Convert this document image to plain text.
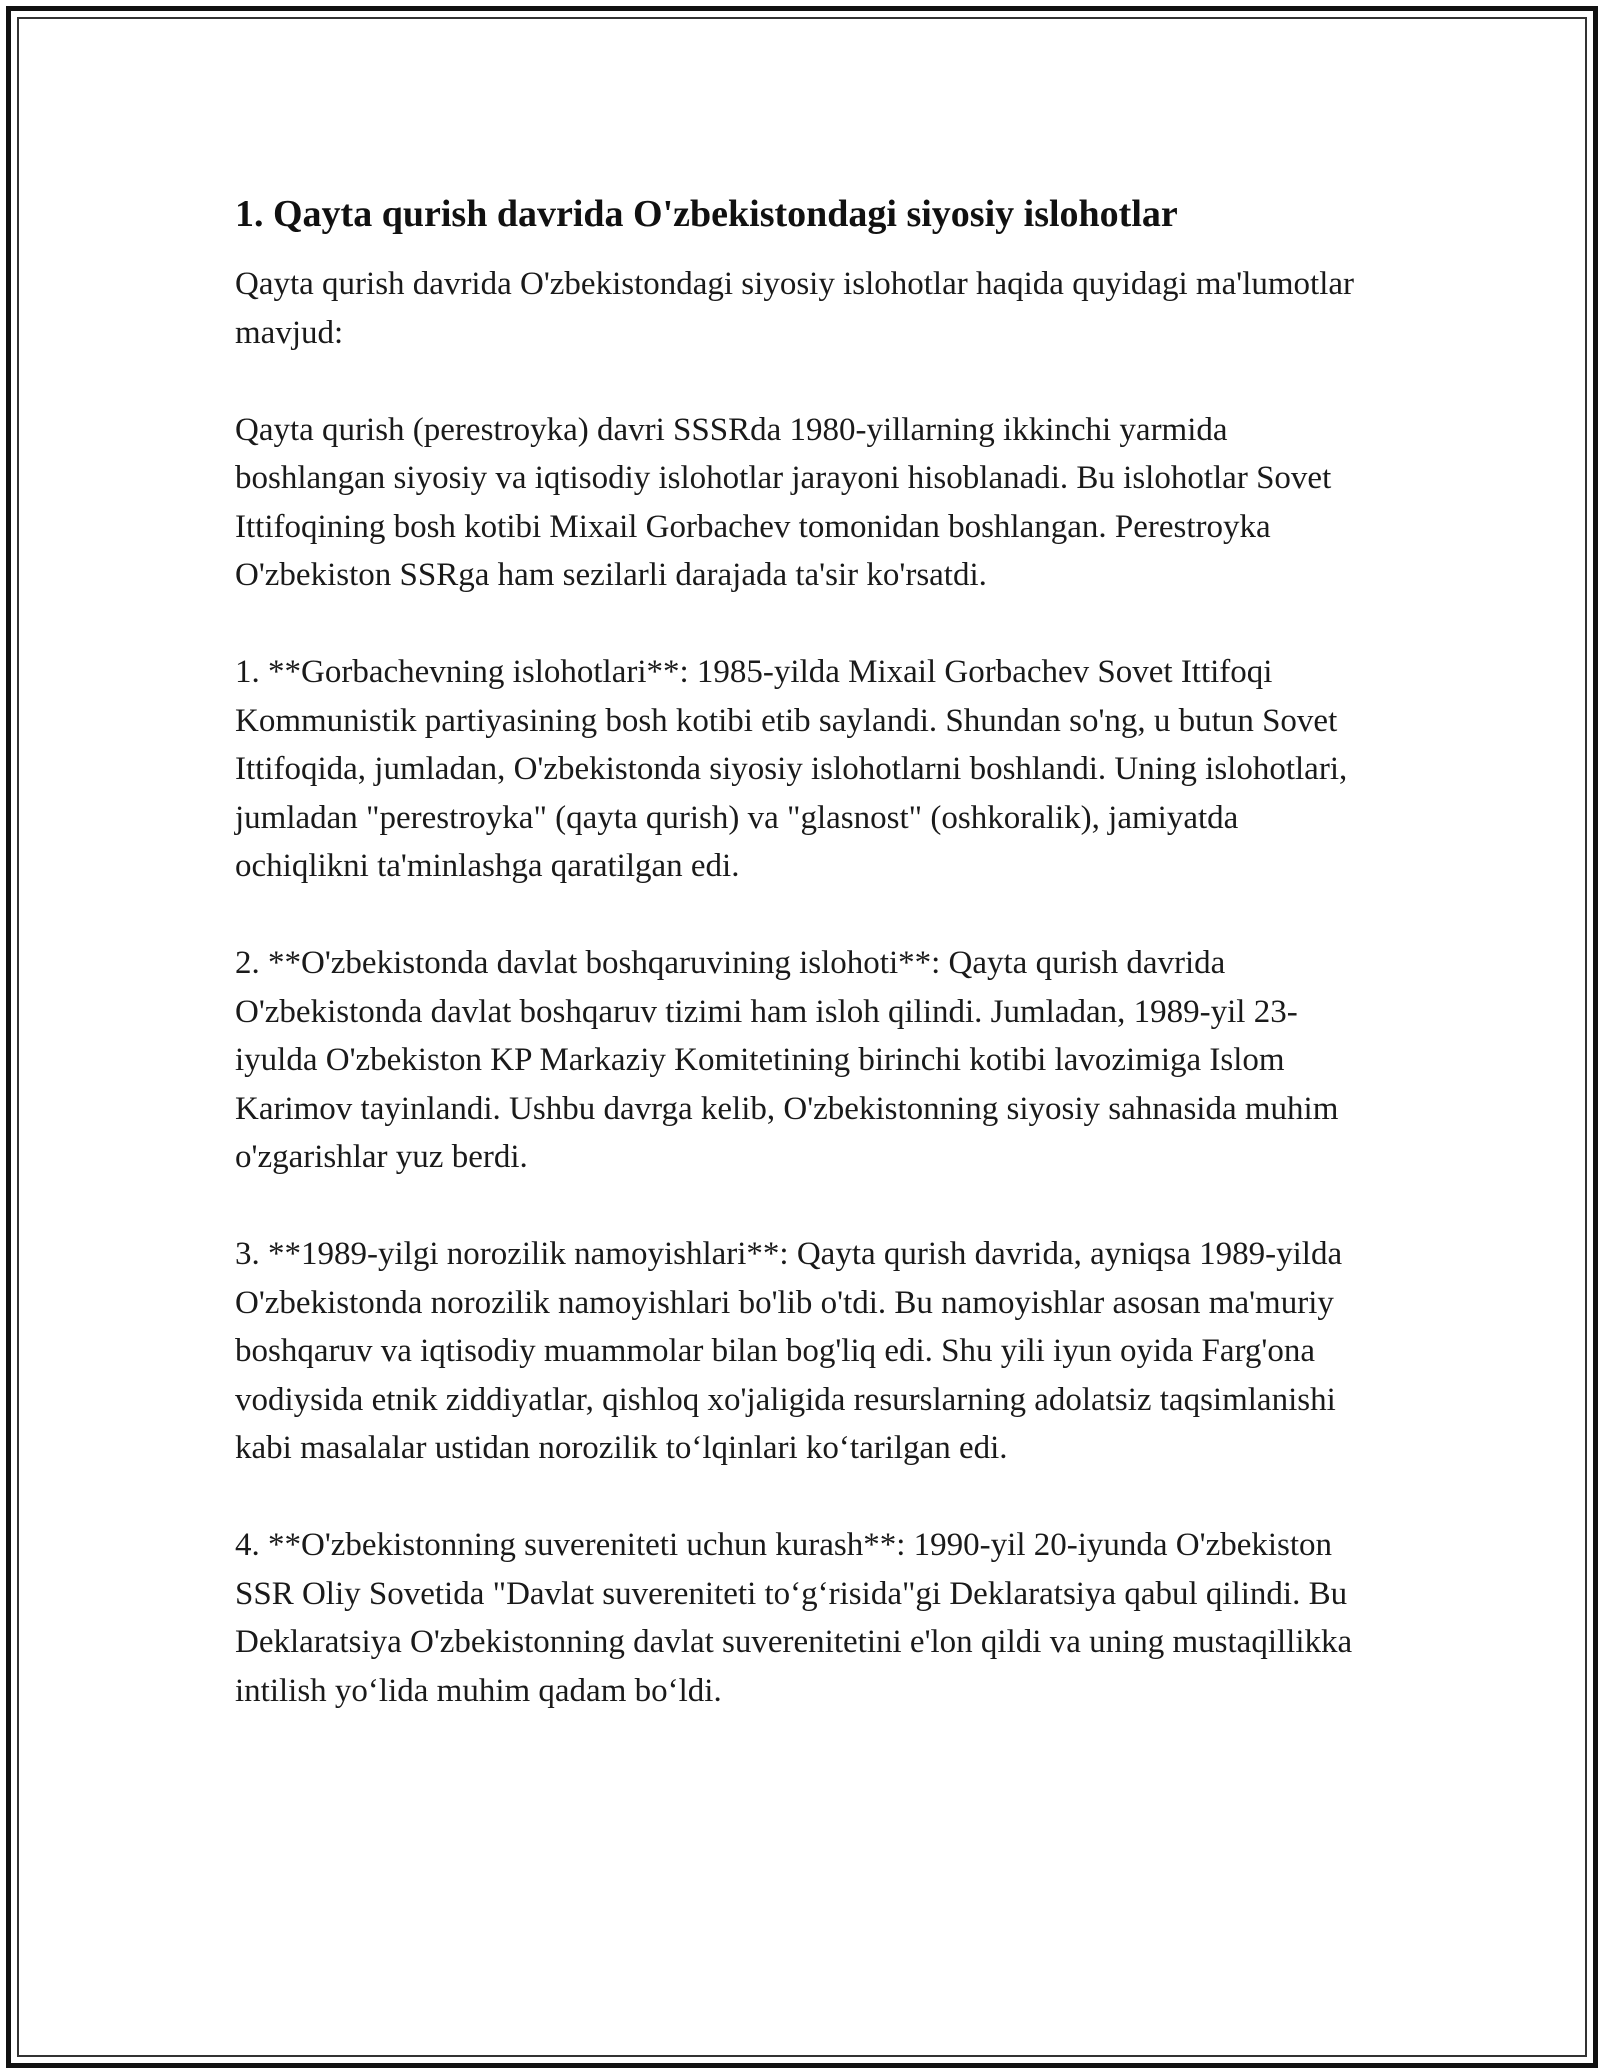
1. Qayta qurish davrida O'zbekistondagi siyosiy islohotlar

Qayta qurish davrida O'zbekistondagi siyosiy islohotlar haqida quyidagi ma'lumotlar mavjud:

Qayta qurish (perestroyka) davri SSSRda 1980-yillarning ikkinchi yarmida boshlangan siyosiy va iqtisodiy islohotlar jarayoni hisoblanadi. Bu islohotlar Sovet Ittifoqining bosh kotibi Mixail Gorbachev tomonidan boshlangan. Perestroyka O'zbekiston SSRga ham sezilarli darajada ta'sir ko'rsatdi.

1. **Gorbachevning islohotlari**: 1985-yilda Mixail Gorbachev Sovet Ittifoqi Kommunistik partiyasining bosh kotibi etib saylandi. Shundan so'ng, u butun Sovet Ittifoqida, jumladan, O'zbekistonda siyosiy islohotlarni boshlandi. Uning islohotlari, jumladan "perestroyka" (qayta qurish) va "glasnost" (oshkoralik), jamiyatda ochiqlikni ta'minlashga qaratilgan edi.

2. **O'zbekistonda davlat boshqaruvining islohoti**: Qayta qurish davrida O'zbekistonda davlat boshqaruv tizimi ham isloh qilindi. Jumladan, 1989-yil 23-iyulda O'zbekiston KP Markaziy Komitetining birinchi kotibi lavozimiga Islom Karimov tayinlandi. Ushbu davrga kelib, O'zbekistonning siyosiy sahnasida muhim o'zgarishlar yuz berdi.

3. **1989-yilgi norozilik namoyishlari**: Qayta qurish davrida, ayniqsa 1989-yilda O'zbekistonda norozilik namoyishlari bo'lib o'tdi. Bu namoyishlar asosan ma'muriy boshqaruv va iqtisodiy muammolar bilan bog'liq edi. Shu yili iyun oyida Farg'ona vodiysida etnik ziddiyatlar, qishloq xo'jaligida resurslarning adolatsiz taqsimlanishi kabi masalalar ustidan norozilik to‘lqinlari ko‘tarilgan edi.

4. **O'zbekistonning suvereniteti uchun kurash**: 1990-yil 20-iyunda O'zbekiston SSR Oliy Sovetida "Davlat suvereniteti to‘g‘risida"gi Deklaratsiya qabul qilindi. Bu Deklaratsiya O'zbekistonning davlat suverenitetini e'lon qildi va uning mustaqillikka intilish yo‘lida muhim qadam bo‘ldi.
